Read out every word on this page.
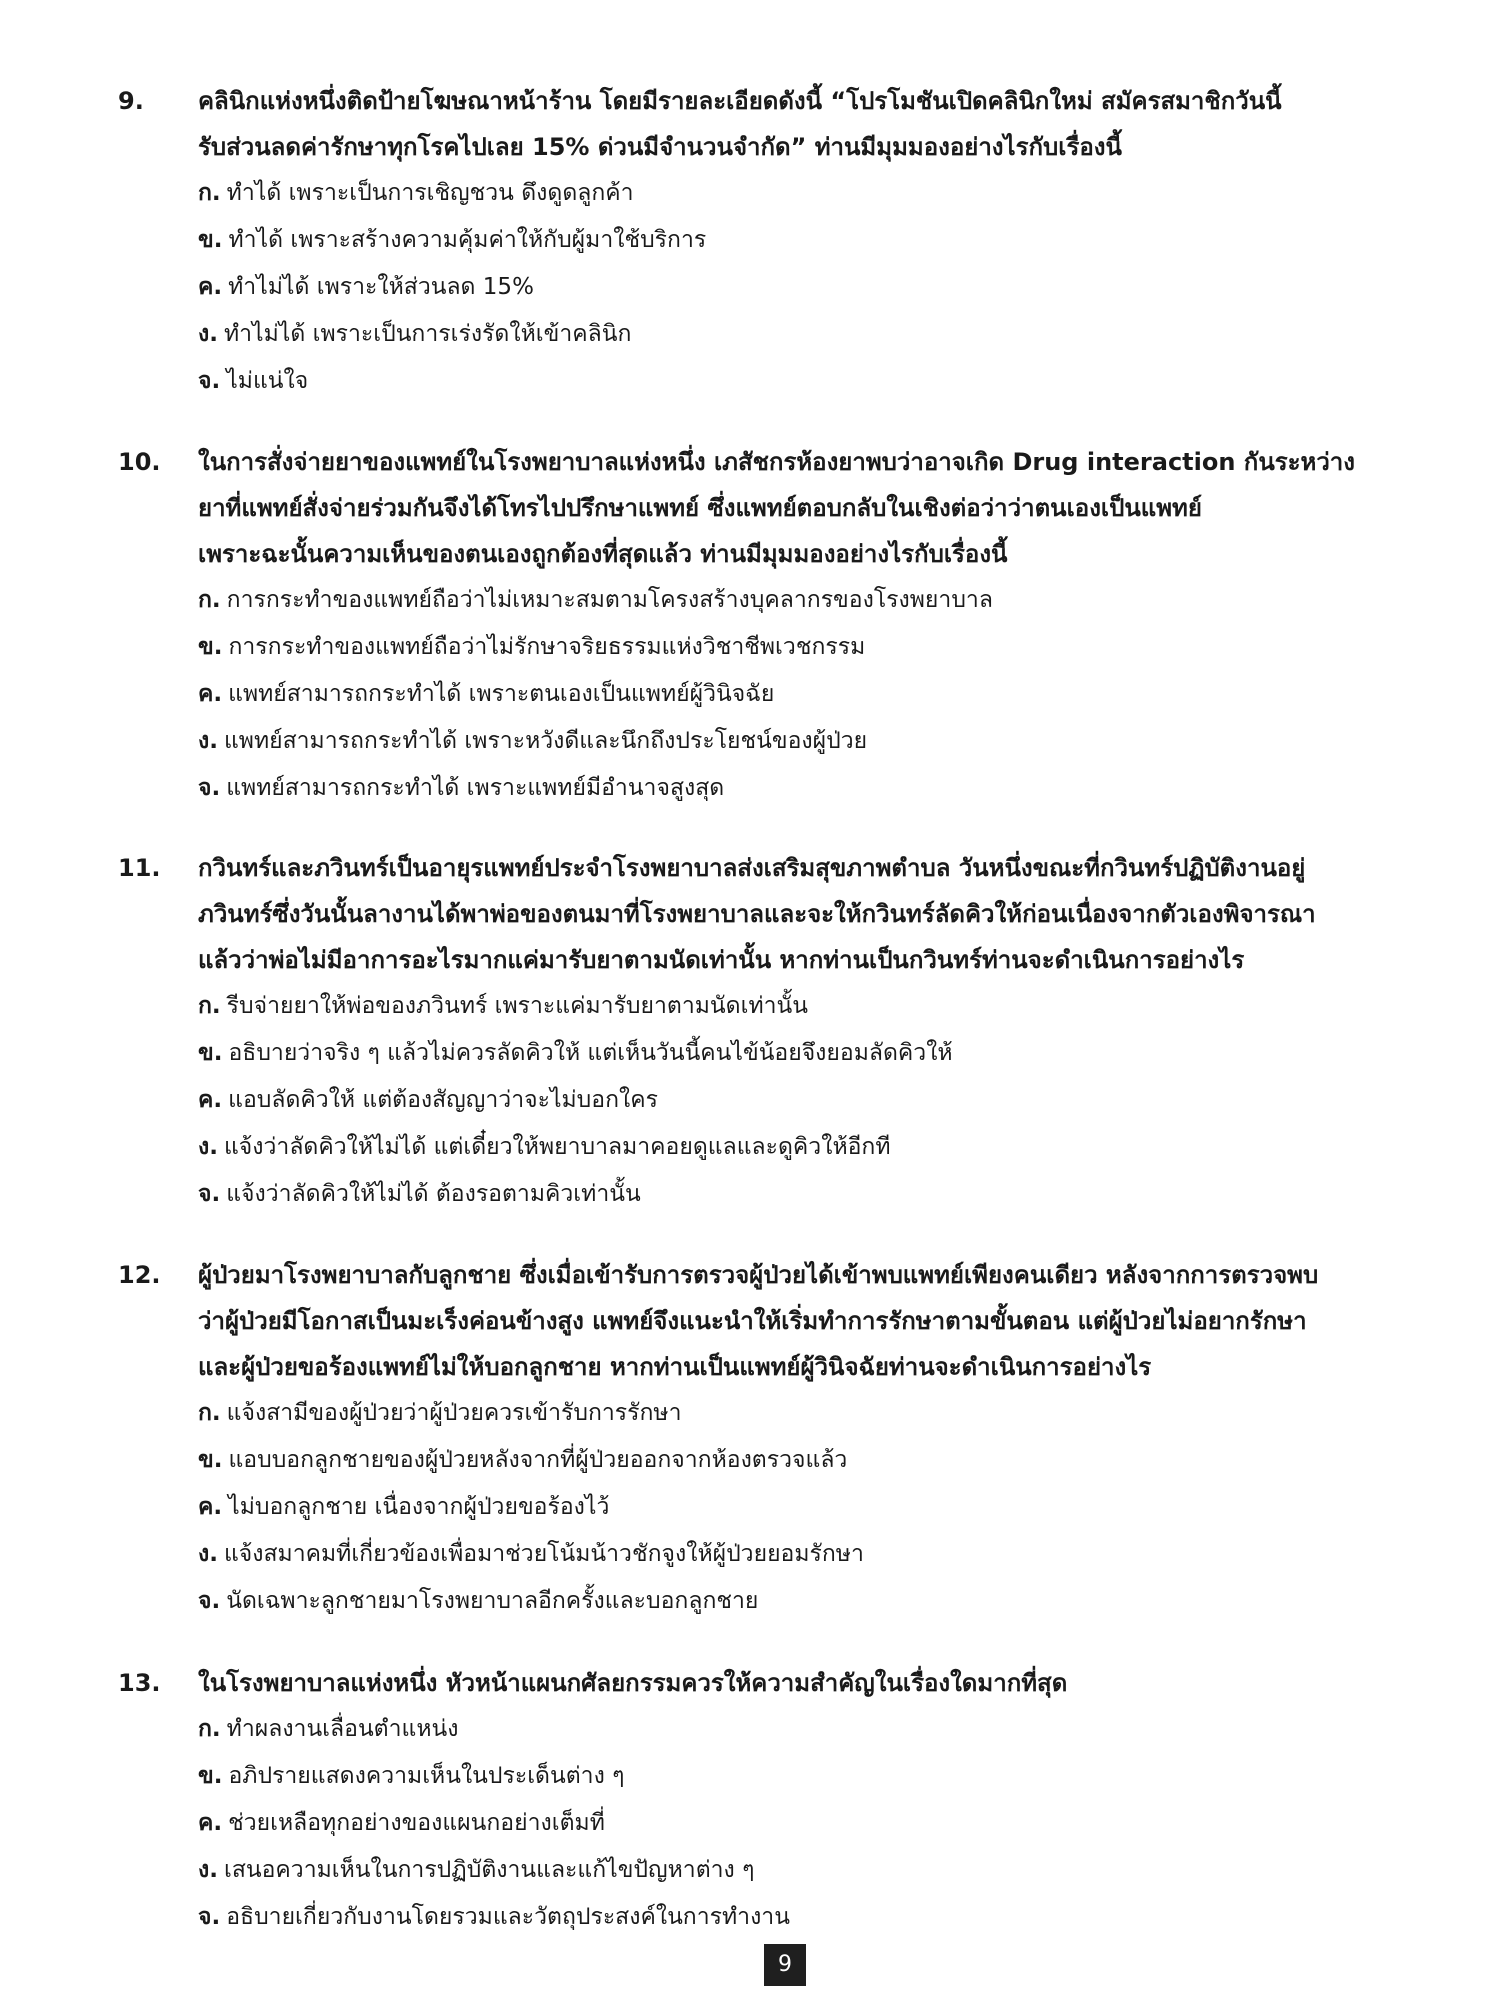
9.	คลินิกแห่งหนึ่งติดป้ายโฆษณาหน้าร้าน โดยมีรายละเอียดดังนี้ “โปรโมชันเปิดคลินิกใหม่ สมัครสมาชิกวันนี้
รับส่วนลดค่ารักษาทุกโรคไปเลย 15% ด่วนมีจำนวนจำกัด” ท่านมีมุมมองอย่างไรกับเรื่องนี้
ก. ทำได้ เพราะเป็นการเชิญชวน ดึงดูดลูกค้า
ข. ทำได้ เพราะสร้างความคุ้มค่าให้กับผู้มาใช้บริการ
ค. ทำไม่ได้ เพราะให้ส่วนลด 15%
ง. ทำไม่ได้ เพราะเป็นการเร่งรัดให้เข้าคลินิก
จ. ไม่แน่ใจ
10.	ในการสั่งจ่ายยาของแพทย์ในโรงพยาบาลแห่งหนึ่ง เภสัชกรห้องยาพบว่าอาจเกิด Drug interaction กันระหว่าง
ยาที่แพทย์สั่งจ่ายร่วมกันจึงได้โทรไปปรึกษาแพทย์ ซึ่งแพทย์ตอบกลับในเชิงต่อว่าว่าตนเองเป็นแพทย์
เพราะฉะนั้นความเห็นของตนเองถูกต้องที่สุดแล้ว ท่านมีมุมมองอย่างไรกับเรื่องนี้
ก. การกระทำของแพทย์ถือว่าไม่เหมาะสมตามโครงสร้างบุคลากรของโรงพยาบาล
ข. การกระทำของแพทย์ถือว่าไม่รักษาจริยธรรมแห่งวิชาชีพเวชกรรม
ค. แพทย์สามารถกระทำได้ เพราะตนเองเป็นแพทย์ผู้วินิจฉัย
ง. แพทย์สามารถกระทำได้ เพราะหวังดีและนึกถึงประโยชน์ของผู้ป่วย
จ. แพทย์สามารถกระทำได้ เพราะแพทย์มีอำนาจสูงสุด
11.	กวินทร์และภวินทร์เป็นอายุรแพทย์ประจำโรงพยาบาลส่งเสริมสุขภาพตำบล วันหนึ่งขณะที่กวินทร์ปฏิบัติงานอยู่
ภวินทร์ซึ่งวันนั้นลางานได้พาพ่อของตนมาที่โรงพยาบาลและจะให้กวินทร์ลัดคิวให้ก่อนเนื่องจากตัวเองพิจารณา
แล้วว่าพ่อไม่มีอาการอะไรมากแค่มารับยาตามนัดเท่านั้น หากท่านเป็นกวินทร์ท่านจะดำเนินการอย่างไร
ก. รีบจ่ายยาให้พ่อของภวินทร์ เพราะแค่มารับยาตามนัดเท่านั้น
ข. อธิบายว่าจริง ๆ แล้วไม่ควรลัดคิวให้ แต่เห็นวันนี้คนไข้น้อยจึงยอมลัดคิวให้
ค. แอบลัดคิวให้ แต่ต้องสัญญาว่าจะไม่บอกใคร
ง. แจ้งว่าลัดคิวให้ไม่ได้ แต่เดี๋ยวให้พยาบาลมาคอยดูแลและดูคิวให้อีกที
จ. แจ้งว่าลัดคิวให้ไม่ได้ ต้องรอตามคิวเท่านั้น
12.	ผู้ป่วยมาโรงพยาบาลกับลูกชาย ซึ่งเมื่อเข้ารับการตรวจผู้ป่วยได้เข้าพบแพทย์เพียงคนเดียว หลังจากการตรวจพบ
ว่าผู้ป่วยมีโอกาสเป็นมะเร็งค่อนข้างสูง แพทย์จึงแนะนำให้เริ่มทำการรักษาตามขั้นตอน แต่ผู้ป่วยไม่อยากรักษา
และผู้ป่วยขอร้องแพทย์ไม่ให้บอกลูกชาย หากท่านเป็นแพทย์ผู้วินิจฉัยท่านจะดำเนินการอย่างไร
ก. แจ้งสามีของผู้ป่วยว่าผู้ป่วยควรเข้ารับการรักษา
ข. แอบบอกลูกชายของผู้ป่วยหลังจากที่ผู้ป่วยออกจากห้องตรวจแล้ว
ค. ไม่บอกลูกชาย เนื่องจากผู้ป่วยขอร้องไว้
ง. แจ้งสมาคมที่เกี่ยวข้องเพื่อมาช่วยโน้มน้าวชักจูงให้ผู้ป่วยยอมรักษา
จ. นัดเฉพาะลูกชายมาโรงพยาบาลอีกครั้งและบอกลูกชาย
13.	ในโรงพยาบาลแห่งหนึ่ง หัวหน้าแผนกศัลยกรรมควรให้ความสำคัญในเรื่องใดมากที่สุด
ก. ทำผลงานเลื่อนตำแหน่ง
ข. อภิปรายแสดงความเห็นในประเด็นต่าง ๆ
ค. ช่วยเหลือทุกอย่างของแผนกอย่างเต็มที่
ง. เสนอความเห็นในการปฏิบัติงานและแก้ไขปัญหาต่าง ๆ
จ. อธิบายเกี่ยวกับงานโดยรวมและวัตถุประสงค์ในการทำงาน
9
